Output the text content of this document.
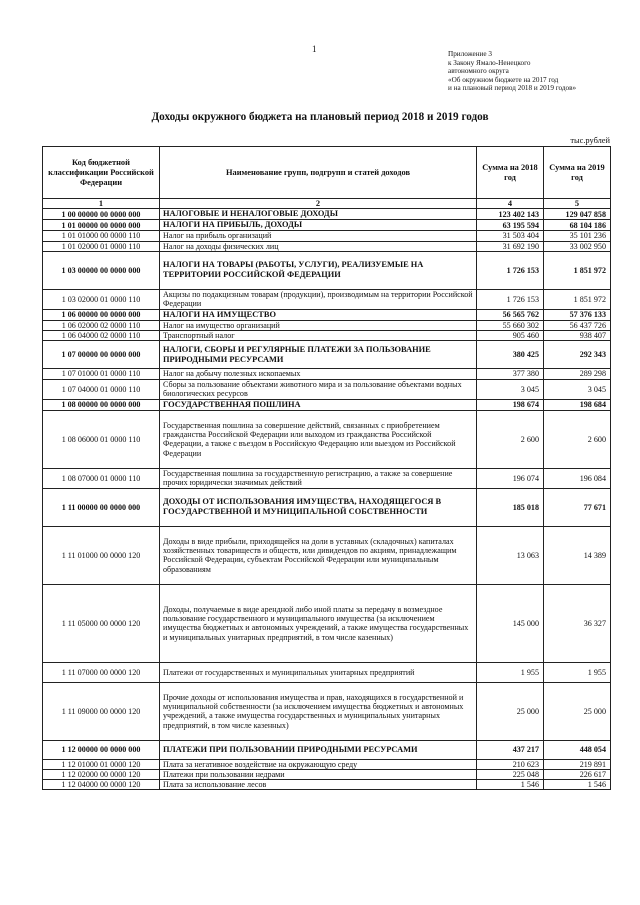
1	Приложение 3
к Закону Ямало-Ненецкого
автономного округа
«Об окружном бюджете на 2017 год
и на плановый период 2018 и 2019 годов»
Доходы окружного бюджета на плановый период 2018 и 2019 годов
тыс.рублей
Код бюджетной классификации Российской Федерации	Наименование групп, подгрупп и статей доходов	Сумма на 2018 год	Сумма на 2019 год
1	2	4	5
1 00 00000 00 0000 000	НАЛОГОВЫЕ И НЕНАЛОГОВЫЕ ДОХОДЫ	123 402 143	129 047 858
1 01 00000 00 0000 000	НАЛОГИ НА ПРИБЫЛЬ, ДОХОДЫ	63 195 594	68 104 186
1 01 01000 00 0000 110	Налог на прибыль организаций	31 503 404	35 101 236
1 01 02000 01 0000 110	Налог на доходы физических лиц	31 692 190	33 002 950
1 03 00000 00 0000 000	НАЛОГИ НА ТОВАРЫ (РАБОТЫ, УСЛУГИ), РЕАЛИЗУЕМЫЕ НА ТЕРРИТОРИИ РОССИЙСКОЙ ФЕДЕРАЦИИ	1 726 153	1 851 972
1 03 02000 01 0000 110	Акцизы по подакцизным товарам (продукции), производимым на территории Российской Федерации	1 726 153	1 851 972
1 06 00000 00 0000 000	НАЛОГИ НА ИМУЩЕСТВО	56 565 762	57 376 133
1 06 02000 02 0000 110	Налог на имущество организаций	55 660 302	56 437 726
1 06 04000 02 0000 110	Транспортный налог	905 460	938 407
1 07 00000 00 0000 000	НАЛОГИ, СБОРЫ И РЕГУЛЯРНЫЕ ПЛАТЕЖИ ЗА ПОЛЬЗОВАНИЕ ПРИРОДНЫМИ РЕСУРСАМИ	380 425	292 343
1 07 01000 01 0000 110	Налог на добычу полезных ископаемых	377 380	289 298
1 07 04000 01 0000 110	Сборы за пользование объектами животного мира и за пользование объектами водных биологических ресурсов	3 045	3 045
1 08 00000 00 0000 000	ГОСУДАРСТВЕННАЯ ПОШЛИНА	198 674	198 684
1 08 06000 01 0000 110	Государственная пошлина за совершение действий, связанных с приобретением гражданства Российской Федерации или выходом из гражданства Российской Федерации, а также с въездом в Российскую Федерацию или выездом из Российской Федерации	2 600	2 600
1 08 07000 01 0000 110	Государственная пошлина за государственную регистрацию, а также за совершение прочих юридически значимых действий	196 074	196 084
1 11 00000 00 0000 000	ДОХОДЫ ОТ ИСПОЛЬЗОВАНИЯ ИМУЩЕСТВА, НАХОДЯЩЕГОСЯ В ГОСУДАРСТВЕННОЙ И МУНИЦИПАЛЬНОЙ СОБСТВЕННОСТИ	185 018	77 671
1 11 01000 00 0000 120	Доходы в виде прибыли, приходящейся на доли в уставных (складочных) капиталах хозяйственных товариществ и обществ, или дивидендов по акциям, принадлежащим Российской Федерации, субъектам Российской Федерации или муниципальным образованиям	13 063	14 389
1 11 05000 00 0000 120	Доходы, получаемые в виде арендной либо иной платы за передачу в возмездное пользование государственного и муниципального имущества (за исключением имущества бюджетных и автономных учреждений, а также имущества государственных и муниципальных унитарных предприятий, в том числе казенных)	145 000	36 327
1 11 07000 00 0000 120	Платежи от государственных и муниципальных унитарных предприятий	1 955	1 955
1 11 09000 00 0000 120	Прочие доходы от использования имущества и прав, находящихся в государственной и муниципальной собственности (за исключением имущества бюджетных и автономных учреждений, а также имущества государственных и муниципальных унитарных предприятий, в том числе казенных)	25 000	25 000
1 12 00000 00 0000 000	ПЛАТЕЖИ ПРИ ПОЛЬЗОВАНИИ ПРИРОДНЫМИ РЕСУРСАМИ	437 217	448 054
1 12 01000 01 0000 120	Плата за негативное воздействие на окружающую среду	210 623	219 891
1 12 02000 00 0000 120	Платежи при пользовании недрами	225 048	226 617
1 12 04000 00 0000 120	Плата за использование лесов	1 546	1 546
